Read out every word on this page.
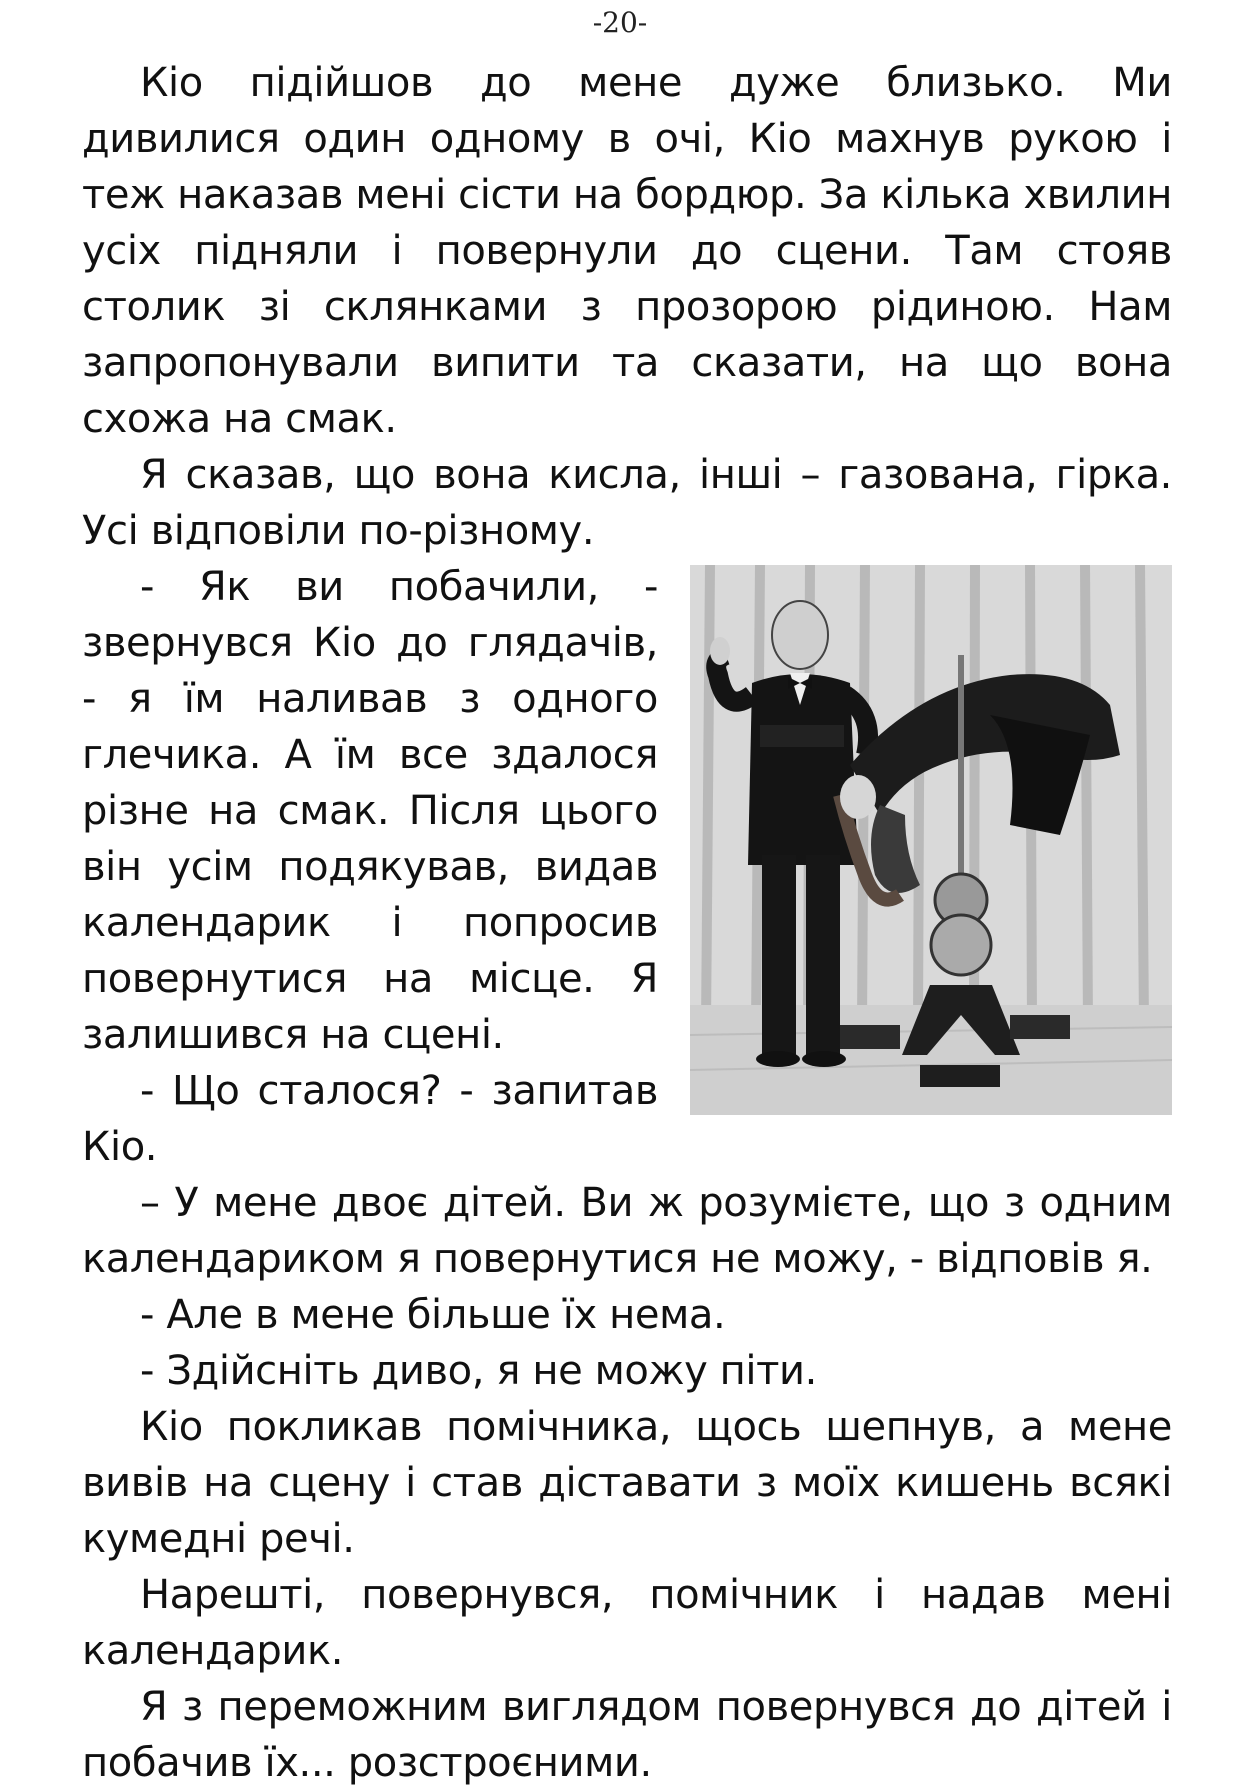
-20-

Кіо підійшов до мене дуже близько. Ми дивилися один одному в очі, Кіо махнув рукою і теж наказав мені сісти на бордюр. За кілька хвилин усіх підняли і повернули до сцени. Там стояв столик зі склянками з прозорою рідиною. Нам запропонували випити та сказати, на що вона схожа на смак.

Я сказав, що вона кисла, інші – газована, гірка. Усі відповіли по-різному.

- Як ви побачили, - звернувся Кіо до глядачів, - я їм наливав з одного глечика. А їм все здалося різне на смак. Після цього він усім подякував, видав календарик і попросив повернутися на місце. Я залишився на сцені.

- Що сталося? - запитав Кіо.

– У мене двоє дітей. Ви ж розумієте, що з одним календариком я повернутися не можу, - відповів я.

- Але в мене більше їх нема.

- Здійсніть диво, я не можу піти.

Кіо покликав помічника, щось шепнув, а мене вивів на сцену і став діставати з моїх кишень всякі кумедні речі.

Нарешті, повернувся, помічник і надав мені календарик.

Я з переможним виглядом повернувся до дітей і побачив їх... розстроєними.
